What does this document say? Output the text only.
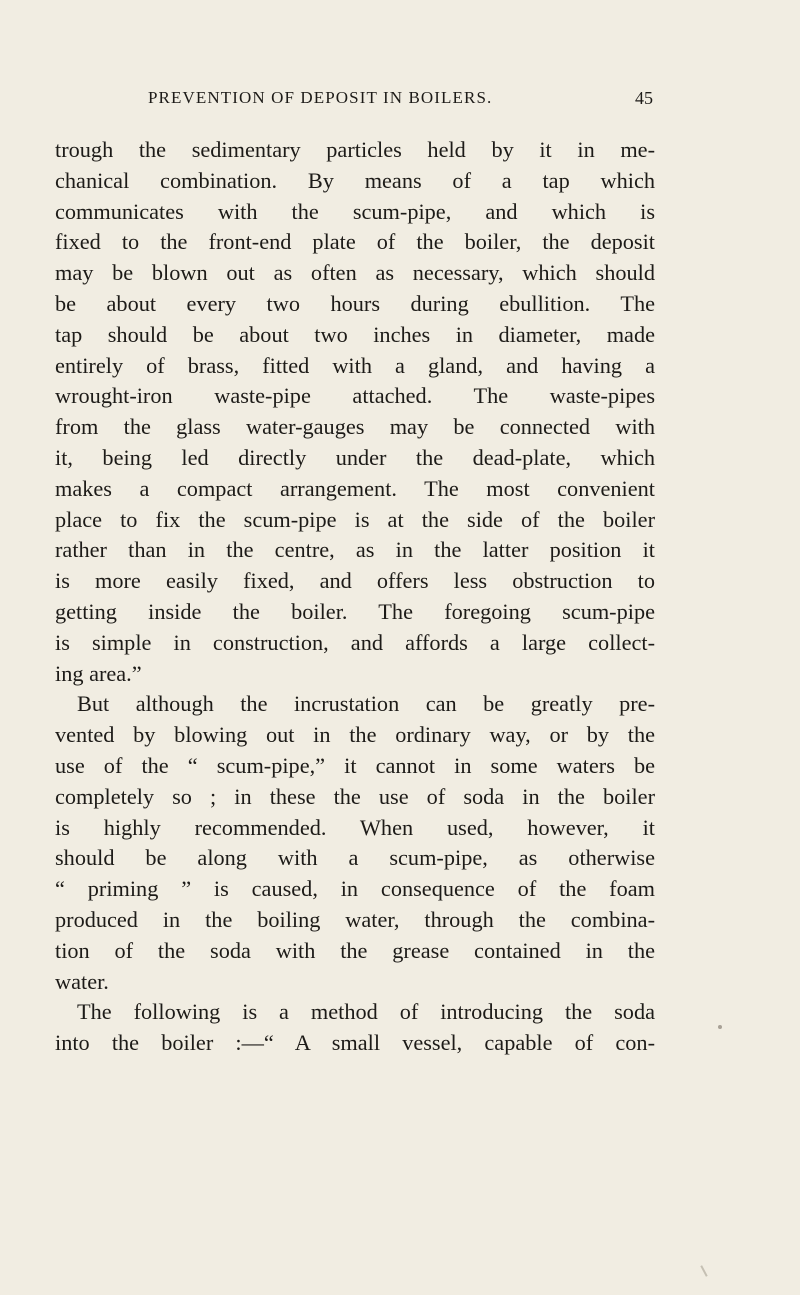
PREVENTION OF DEPOSIT IN BOILERS.	45
trough the sedimentary particles held by it in me-
chanical combination. By means of a tap which
communicates with the scum-pipe, and which is
fixed to the front-end plate of the boiler, the deposit
may be blown out as often as necessary, which should
be about every two hours during ebullition. The
tap should be about two inches in diameter, made
entirely of brass, fitted with a gland, and having a
wrought-iron waste-pipe attached. The waste-pipes
from the glass water-gauges may be connected with
it, being led directly under the dead-plate, which
makes a compact arrangement. The most convenient
place to fix the scum-pipe is at the side of the boiler
rather than in the centre, as in the latter position it
is more easily fixed, and offers less obstruction to
getting inside the boiler. The foregoing scum-pipe
is simple in construction, and affords a large collect-
ing area.”
But although the incrustation can be greatly pre-
vented by blowing out in the ordinary way, or by the
use of the “ scum-pipe,” it cannot in some waters be
completely so ; in these the use of soda in the boiler
is highly recommended. When used, however, it
should be along with a scum-pipe, as otherwise
“ priming ” is caused, in consequence of the foam
produced in the boiling water, through the combina-
tion of the soda with the grease contained in the
water.
The following is a method of introducing the soda
into the boiler :—“ A small vessel, capable of con-
